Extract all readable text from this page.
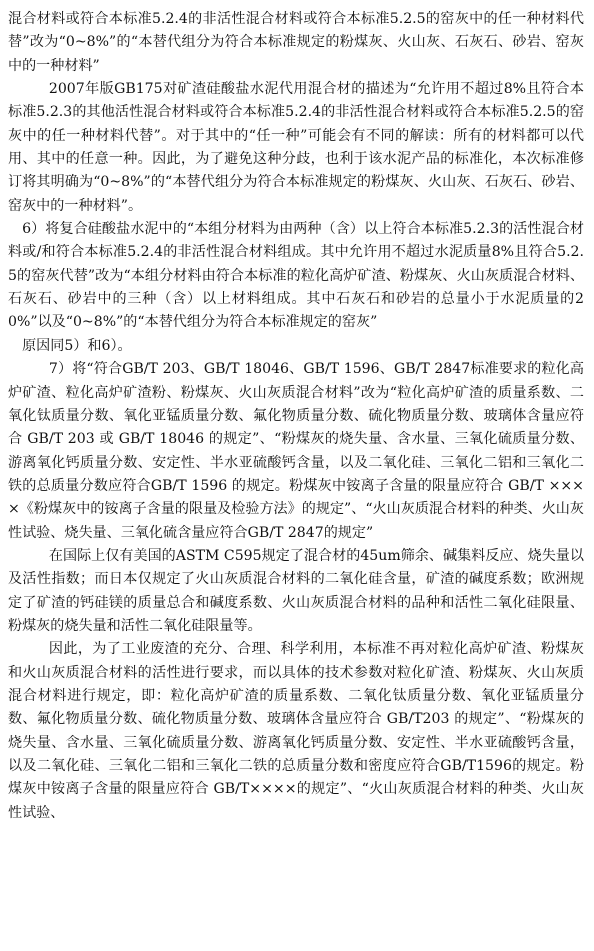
混合材料或符合本标准5.2.4的非活性混合材料或符合本标准5.2.5的窑灰中的任一种材料代替”改为“0~8%”的“本替代组分为符合本标准规定的粉煤灰、火山灰、石灰石、砂岩、窑灰中的一种材料”

2007年版GB175对矿渣硅酸盐水泥代用混合材的描述为“允许用不超过8%且符合本标准5.2.3的其他活性混合材料或符合本标准5.2.4的非活性混合材料或符合本标准5.2.5的窑灰中的任一种材料代替”。对于其中的“任一种”可能会有不同的解读：所有的材料都可以代用、其中的任意一种。因此，为了避免这种分歧，也利于该水泥产品的标准化，本次标准修订将其明确为“0~8%”的“本替代组分为符合本标准规定的粉煤灰、火山灰、石灰石、砂岩、窑灰中的一种材料”。

6）将复合硅酸盐水泥中的“本组分材料为由两种（含）以上符合本标准5.2.3的活性混合材料或/和符合本标准5.2.4的非活性混合材料组成。其中允许用不超过水泥质量8%且符合5.2.5的窑灰代替”改为“本组分材料由符合本标准的粒化高炉矿渣、粉煤灰、火山灰质混合材料、石灰石、砂岩中的三种（含）以上材料组成。其中石灰石和砂岩的总量小于水泥质量的20%”以及“0~8%”的“本替代组分为符合本标准规定的窑灰”

原因同5）和6）。

7）将“符合GB/T 203、GB/T 18046、GB/T 1596、GB/T 2847标准要求的粒化高炉矿渣、粒化高炉矿渣粉、粉煤灰、火山灰质混合材料”改为“粒化高炉矿渣的质量系数、二氧化钛质量分数、氧化亚锰质量分数、氟化物质量分数、硫化物质量分数、玻璃体含量应符合 GB/T 203 或 GB/T 18046 的规定”、“粉煤灰的烧失量、含水量、三氧化硫质量分数、游离氧化钙质量分数、安定性、半水亚硫酸钙含量，以及二氧化硅、三氧化二铝和三氧化二铁的总质量分数应符合GB/T 1596 的规定。粉煤灰中铵离子含量的限量应符合 GB/T ××××《粉煤灰中的铵离子含量的限量及检验方法》的规定”、“火山灰质混合材料的种类、火山灰性试验、烧失量、三氧化硫含量应符合GB/T 2847的规定”

在国际上仅有美国的ASTM C595规定了混合材的45um筛余、碱集料反应、烧失量以及活性指数；而日本仅规定了火山灰质混合材料的二氧化硅含量，矿渣的碱度系数；欧洲规定了矿渣的钙硅镁的质量总合和碱度系数、火山灰质混合材料的品种和活性二氧化硅限量、粉煤灰的烧失量和活性二氧化硅限量等。

因此，为了工业废渣的充分、合理、科学利用，本标准不再对粒化高炉矿渣、粉煤灰和火山灰质混合材料的活性进行要求，而以具体的技术参数对粒化矿渣、粉煤灰、火山灰质混合材料进行规定，即：粒化高炉矿渣的质量系数、二氧化钛质量分数、氧化亚锰质量分数、氟化物质量分数、硫化物质量分数、玻璃体含量应符合 GB/T203 的规定”、“粉煤灰的烧失量、含水量、三氧化硫质量分数、游离氧化钙质量分数、安定性、半水亚硫酸钙含量，以及二氧化硅、三氧化二铝和三氧化二铁的总质量分数和密度应符合GB/T1596的规定。粉煤灰中铵离子含量的限量应符合 GB/T××××的规定”、“火山灰质混合材料的种类、火山灰性试验、
